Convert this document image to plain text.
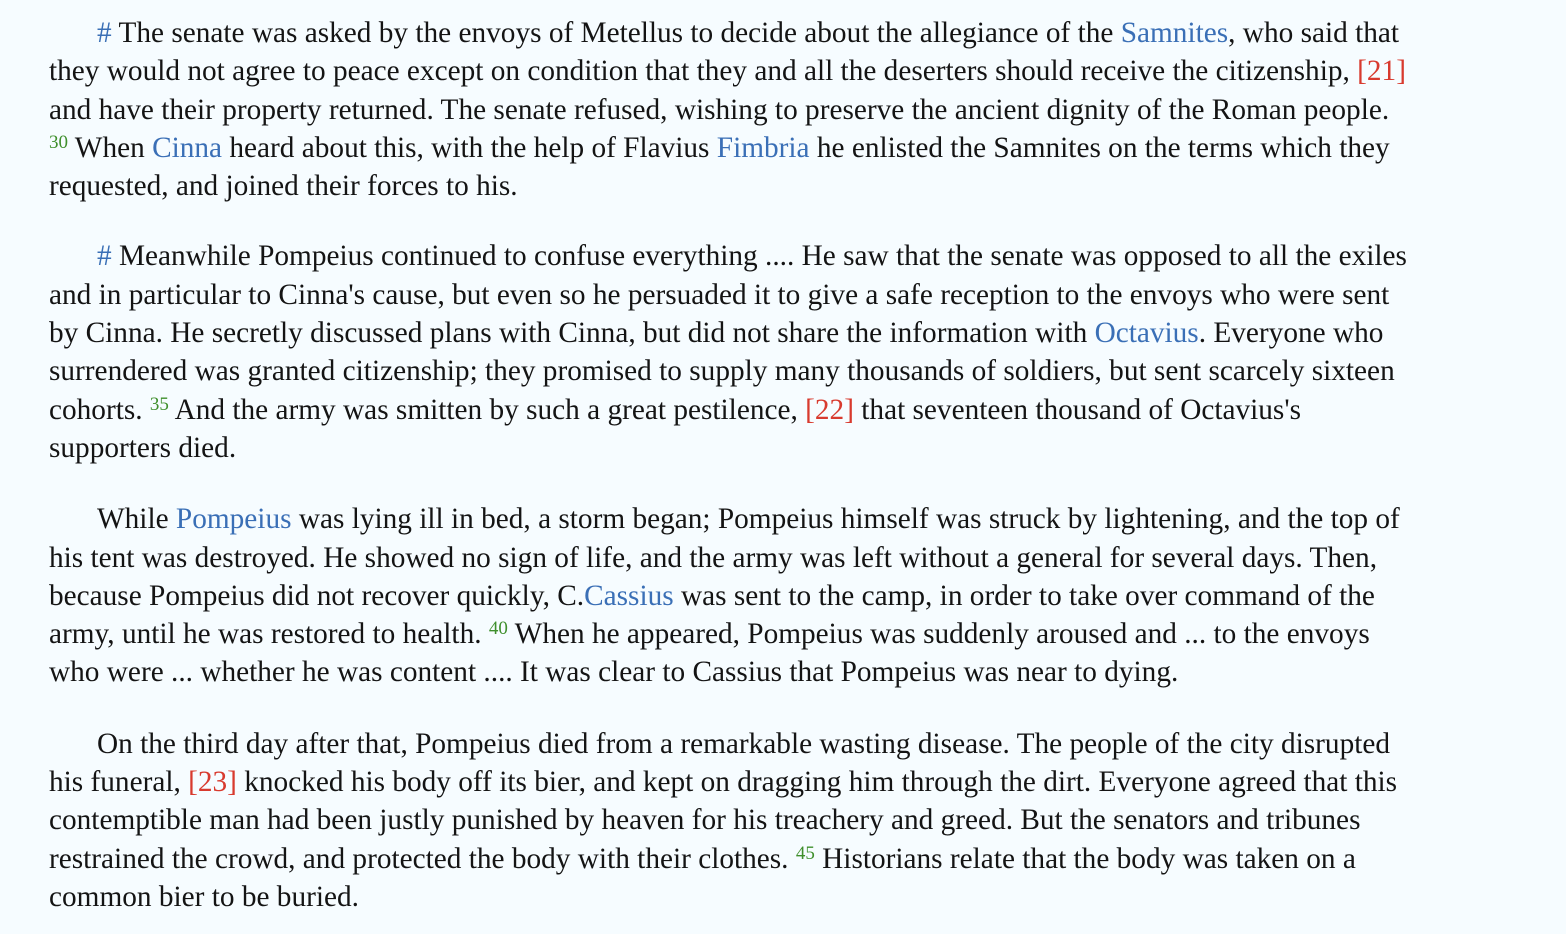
# The senate was asked by the envoys of Metellus to decide about the allegiance of the Samnites, who said that
they would not agree to peace except on condition that they and all the deserters should receive the citizenship, [21]
and have their property returned. The senate refused, wishing to preserve the ancient dignity of the Roman people.
$^{30}$ When Cinna heard about this, with the help of Flavius Fimbria he enlisted the Samnites on the terms which they
requested, and joined their forces to his.

# Meanwhile Pompeius continued to confuse everything .... He saw that the senate was opposed to all the exiles
and in particular to Cinna's cause, but even so he persuaded it to give a safe reception to the envoys who were sent
by Cinna. He secretly discussed plans with Cinna, but did not share the information with Octavius. Everyone who
surrendered was granted citizenship; they promised to supply many thousands of soldiers, but sent scarcely sixteen
cohorts. $^{35}$ And the army was smitten by such a great pestilence, [22] that seventeen thousand of Octavius's
supporters died.

While Pompeius was lying ill in bed, a storm began; Pompeius himself was struck by lightening, and the top of
his tent was destroyed. He showed no sign of life, and the army was left without a general for several days. Then,
because Pompeius did not recover quickly, C.Cassius was sent to the camp, in order to take over command of the
army, until he was restored to health. $^{40}$ When he appeared, Pompeius was suddenly aroused and ... to the envoys
who were ... whether he was content .... It was clear to Cassius that Pompeius was near to dying.

On the third day after that, Pompeius died from a remarkable wasting disease. The people of the city disrupted
his funeral, [23] knocked his body off its bier, and kept on dragging him through the dirt. Everyone agreed that this
contemptible man had been justly punished by heaven for his treachery and greed. But the senators and tribunes
restrained the crowd, and protected the body with their clothes. $^{45}$ Historians relate that the body was taken on a
common bier to be buried.
